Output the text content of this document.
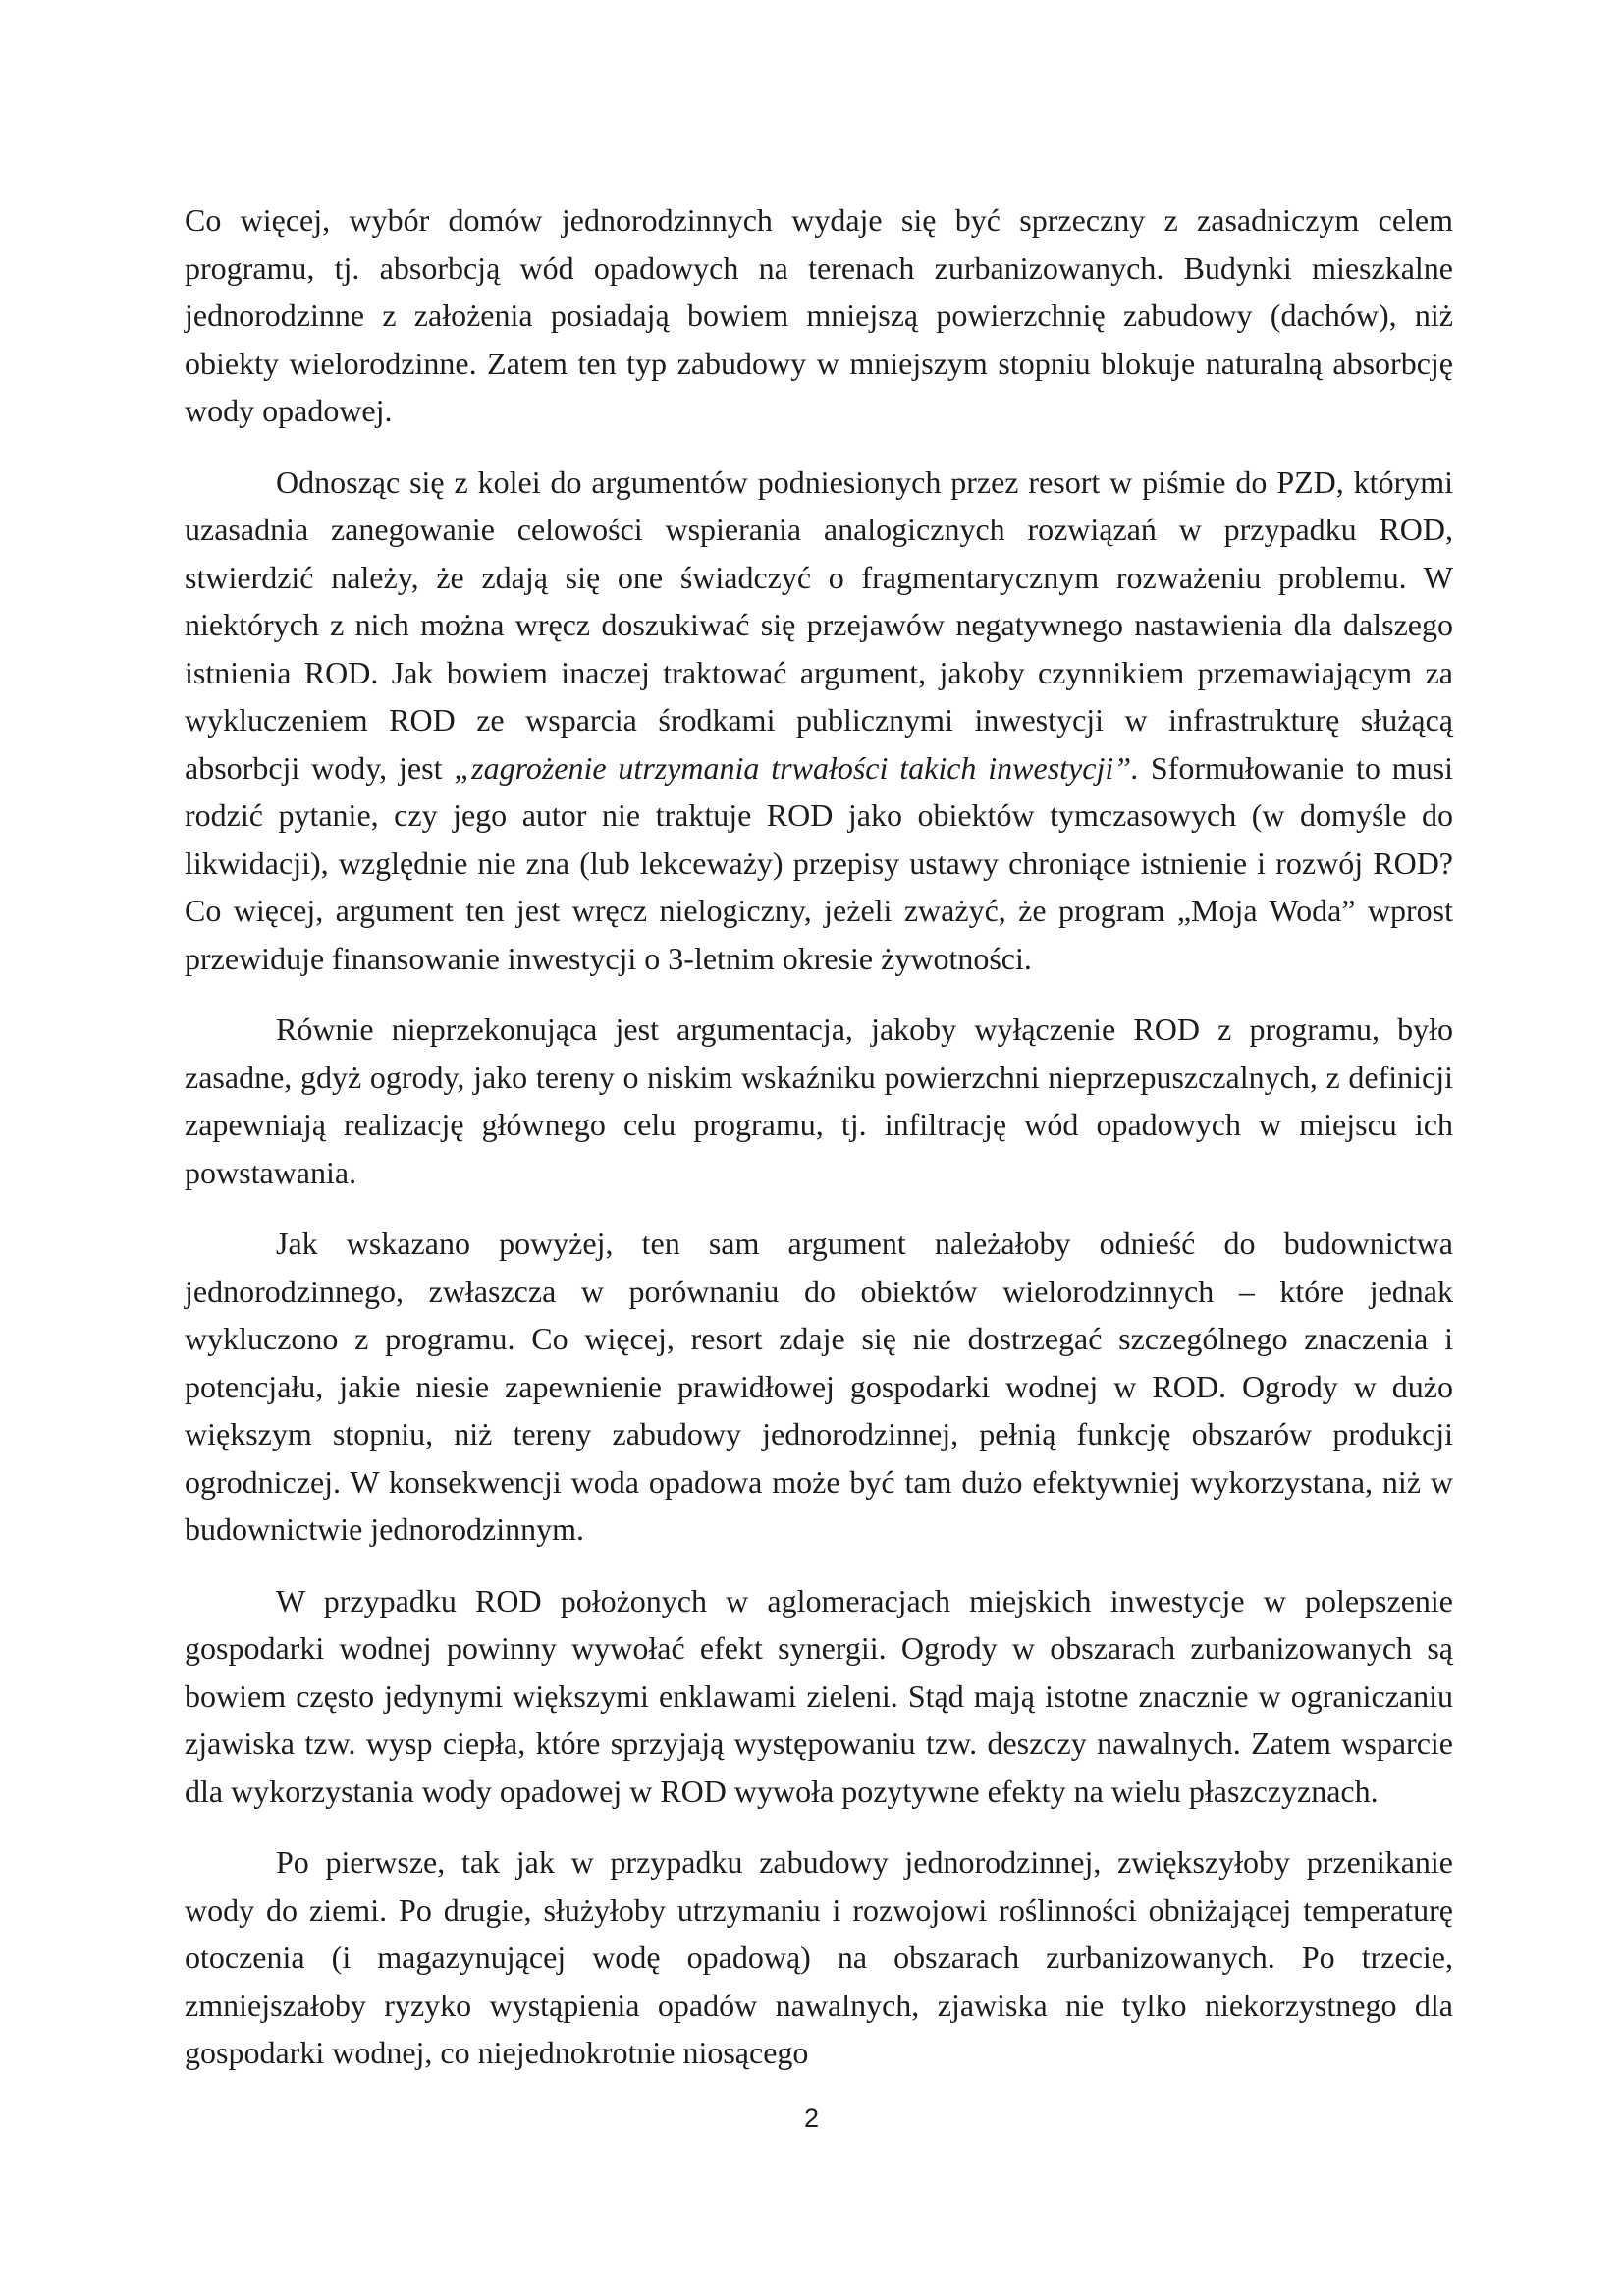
Co więcej, wybór domów jednorodzinnych wydaje się być sprzeczny z zasadniczym celem programu, tj. absorbcją wód opadowych na terenach zurbanizowanych. Budynki mieszkalne jednorodzinne z założenia posiadają bowiem mniejszą powierzchnię zabudowy (dachów), niż obiekty wielorodzinne. Zatem ten typ zabudowy w mniejszym stopniu blokuje naturalną absorbcję wody opadowej.

Odnosząc się z kolei do argumentów podniesionych przez resort w piśmie do PZD, którymi uzasadnia zanegowanie celowości wspierania analogicznych rozwiązań w przypadku ROD, stwierdzić należy, że zdają się one świadczyć o fragmentarycznym rozważeniu problemu. W niektórych z nich można wręcz doszukiwać się przejawów negatywnego nastawienia dla dalszego istnienia ROD. Jak bowiem inaczej traktować argument, jakoby czynnikiem przemawiającym za wykluczeniem ROD ze wsparcia środkami publicznymi inwestycji w infrastrukturę służącą absorbcji wody, jest „zagrożenie utrzymania trwałości takich inwestycji”. Sformułowanie to musi rodzić pytanie, czy jego autor nie traktuje ROD jako obiektów tymczasowych (w domyśle do likwidacji), względnie nie zna (lub lekceważy) przepisy ustawy chroniące istnienie i rozwój ROD? Co więcej, argument ten jest wręcz nielogiczny, jeżeli zważyć, że program „Moja Woda” wprost przewiduje finansowanie inwestycji o 3-letnim okresie żywotności.

Równie nieprzekonująca jest argumentacja, jakoby wyłączenie ROD z programu, było zasadne, gdyż ogrody, jako tereny o niskim wskaźniku powierzchni nieprzepuszczalnych, z definicji zapewniają realizację głównego celu programu, tj. infiltrację wód opadowych w miejscu ich powstawania.

Jak wskazano powyżej, ten sam argument należałoby odnieść do budownictwa jednorodzinnego, zwłaszcza w porównaniu do obiektów wielorodzinnych – które jednak wykluczono z programu. Co więcej, resort zdaje się nie dostrzegać szczególnego znaczenia i potencjału, jakie niesie zapewnienie prawidłowej gospodarki wodnej w ROD. Ogrody w dużo większym stopniu, niż tereny zabudowy jednorodzinnej, pełnią funkcję obszarów produkcji ogrodniczej. W konsekwencji woda opadowa może być tam dużo efektywniej wykorzystana, niż w budownictwie jednorodzinnym.

W przypadku ROD położonych w aglomeracjach miejskich inwestycje w polepszenie gospodarki wodnej powinny wywołać efekt synergii. Ogrody w obszarach zurbanizowanych są bowiem często jedynymi większymi enklawami zieleni. Stąd mają istotne znacznie w ograniczaniu zjawiska tzw. wysp ciepła, które sprzyjają występowaniu tzw. deszczy nawalnych. Zatem wsparcie dla wykorzystania wody opadowej w ROD wywoła pozytywne efekty na wielu płaszczyznach.

Po pierwsze, tak jak w przypadku zabudowy jednorodzinnej, zwiększyłoby przenikanie wody do ziemi. Po drugie, służyłoby utrzymaniu i rozwojowi roślinności obniżającej temperaturę otoczenia (i magazynującej wodę opadową) na obszarach zurbanizowanych. Po trzecie, zmniejszałoby ryzyko wystąpienia opadów nawalnych, zjawiska nie tylko niekorzystnego dla gospodarki wodnej, co niejednokrotnie niosącego

2
